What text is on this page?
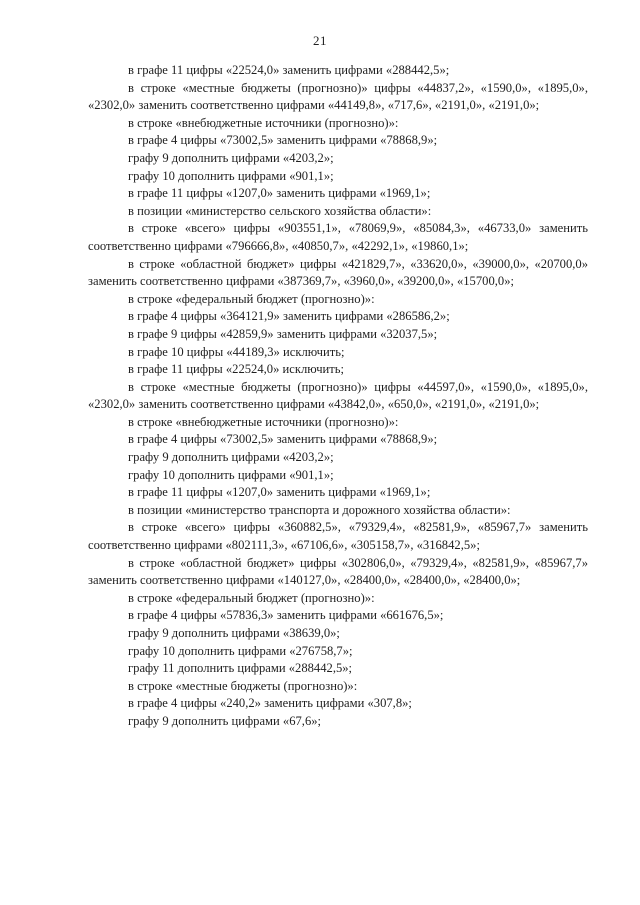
21

в графе 11 цифры «22524,0» заменить цифрами «288442,5»;

в строке «местные бюджеты (прогнозно)» цифры «44837,2», «1590,0», «1895,0», «2302,0» заменить соответственно цифрами «44149,8», «717,6», «2191,0», «2191,0»;

в строке «внебюджетные источники (прогнозно)»:

в графе 4 цифры «73002,5» заменить цифрами «78868,9»;

графу 9 дополнить цифрами «4203,2»;

графу 10 дополнить цифрами «901,1»;

в графе 11 цифры «1207,0» заменить цифрами «1969,1»;

в позиции «министерство сельского хозяйства области»:

в строке «всего» цифры «903551,1», «78069,9», «85084,3», «46733,0» заменить соответственно цифрами «796666,8», «40850,7», «42292,1», «19860,1»;

в строке «областной бюджет» цифры «421829,7», «33620,0», «39000,0», «20700,0» заменить соответственно цифрами «387369,7», «3960,0», «39200,0», «15700,0»;

в строке «федеральный бюджет (прогнозно)»:

в графе 4 цифры «364121,9» заменить цифрами «286586,2»;

в графе 9 цифры «42859,9» заменить цифрами «32037,5»;

в графе 10 цифры «44189,3» исключить;

в графе 11 цифры «22524,0» исключить;

в строке «местные бюджеты (прогнозно)» цифры «44597,0», «1590,0», «1895,0», «2302,0» заменить соответственно цифрами «43842,0», «650,0», «2191,0», «2191,0»;

в строке «внебюджетные источники (прогнозно)»:

в графе 4 цифры «73002,5» заменить цифрами «78868,9»;

графу 9 дополнить цифрами «4203,2»;

графу 10 дополнить цифрами «901,1»;

в графе 11 цифры «1207,0» заменить цифрами «1969,1»;

в позиции «министерство транспорта и дорожного хозяйства области»:

в строке «всего» цифры «360882,5», «79329,4», «82581,9», «85967,7» заменить соответственно цифрами «802111,3», «67106,6», «305158,7», «316842,5»;

в строке «областной бюджет» цифры «302806,0», «79329,4», «82581,9», «85967,7» заменить соответственно цифрами «140127,0», «28400,0», «28400,0», «28400,0»;

в строке «федеральный бюджет (прогнозно)»:

в графе 4 цифры «57836,3» заменить цифрами «661676,5»;

графу 9 дополнить цифрами «38639,0»;

графу 10 дополнить цифрами «276758,7»;

графу 11 дополнить цифрами «288442,5»;

в строке «местные бюджеты (прогнозно)»:

в графе 4 цифры «240,2» заменить цифрами «307,8»;

графу 9 дополнить цифрами «67,6»;
